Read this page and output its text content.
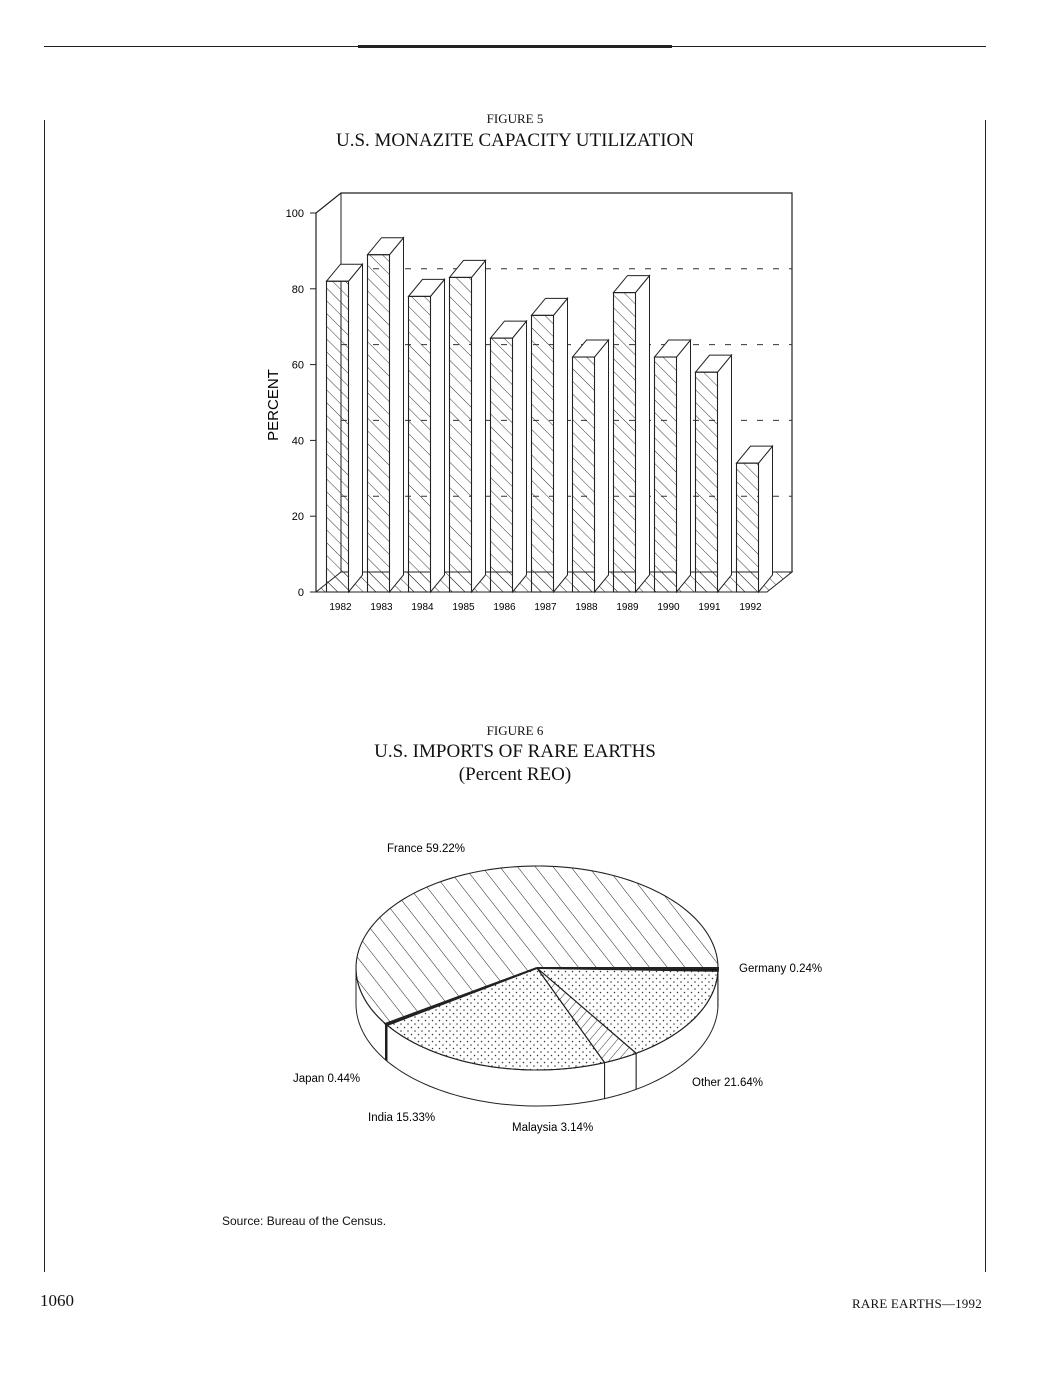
FIGURE 5
U.S. MONAZITE CAPACITY UTILIZATION
0
20
40
60
80
100
1982 1983 1984 1985 1986 1987 1988 1989 1990 1991 1992
PERCENT
FIGURE 6
U.S. IMPORTS OF RARE EARTHS
(Percent REO)
France 59.22%
Germany 0.24%
Other 21.64%
Malaysia 3.14%
India 15.33%
Japan 0.44%
Source: Bureau of the Census.
1060	RARE EARTHS—1992
